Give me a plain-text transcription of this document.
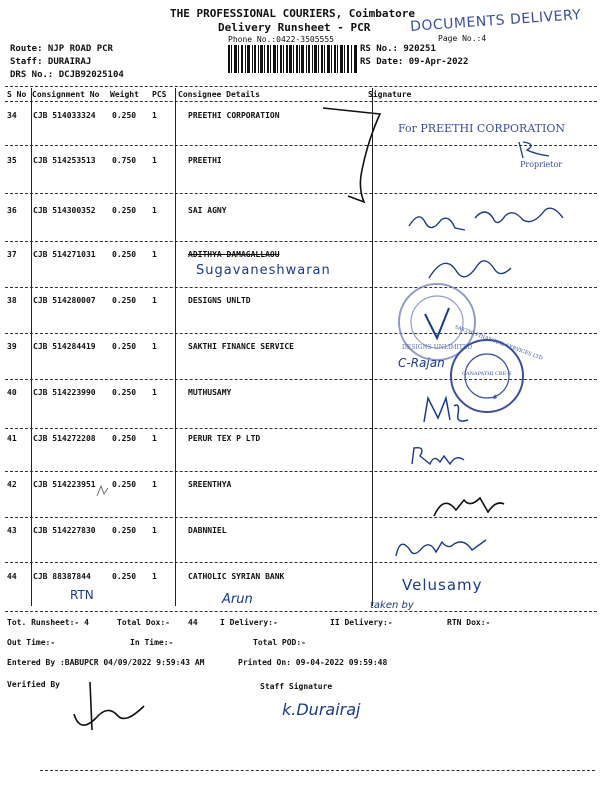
THE PROFESSIONAL COURIERS, Coimbatore
Delivery Runsheet - PCR
Phone No.:0422-3505555
DOCUMENTS DELIVERY
Page No.:4
Route: NJP ROAD PCR
Staff: DURAIRAJ
DRS No.: DCJB92025104
RS No.: 920251
RS Date: 09-Apr-2022
S No Consignment No Weight PCS Consignee Details	Signature
34 CJB 514033324 0.250 1	PREETHI CORPORATION
35 CJB 514253513 0.750 1	PREETHI
36 CJB 514300352 0.250 1	SAI AGNY
37 CJB 514271031 0.250 1	ADITHYA DAMAGALLAOU
38 CJB 514280007 0.250 1	DESIGNS UNLTD
39 CJB 514284419 0.250 1	SAKTHI FINANCE SERVICE
40 CJB 514223990 0.250 1	MUTHUSAMY
41 CJB 514272208 0.250 1	PERUR TEX P LTD
42 CJB 514223951 0.250 1	SREENTHYA
43 CJB 514227830 0.250 1	DABNNIEL
44 CJB 88387844	0.250 1	CATHOLIC SYRIAN BANK
For PREETHI CORPORATION
Proprietor
Sugavaneshwaran
DESIGNS UNLIMITED
SAKTHI FINANCIAL SERVICES LTD
GANAPATHI CBE-6
C-Rajan
RTN	Arun
Velusamy
taken by
Tot. Runsheet:- 4	Total Dox:- 44	I Delivery:-	II Delivery:-	RTN Dox:-
Out Time:-	In Time:-	Total POD:-
Entered By :BABUPCR 04/09/2022 9:59:43 AM	Printed On: 09-04-2022 09:59:48
Verified By	Staff Signature
k.Durairaj
